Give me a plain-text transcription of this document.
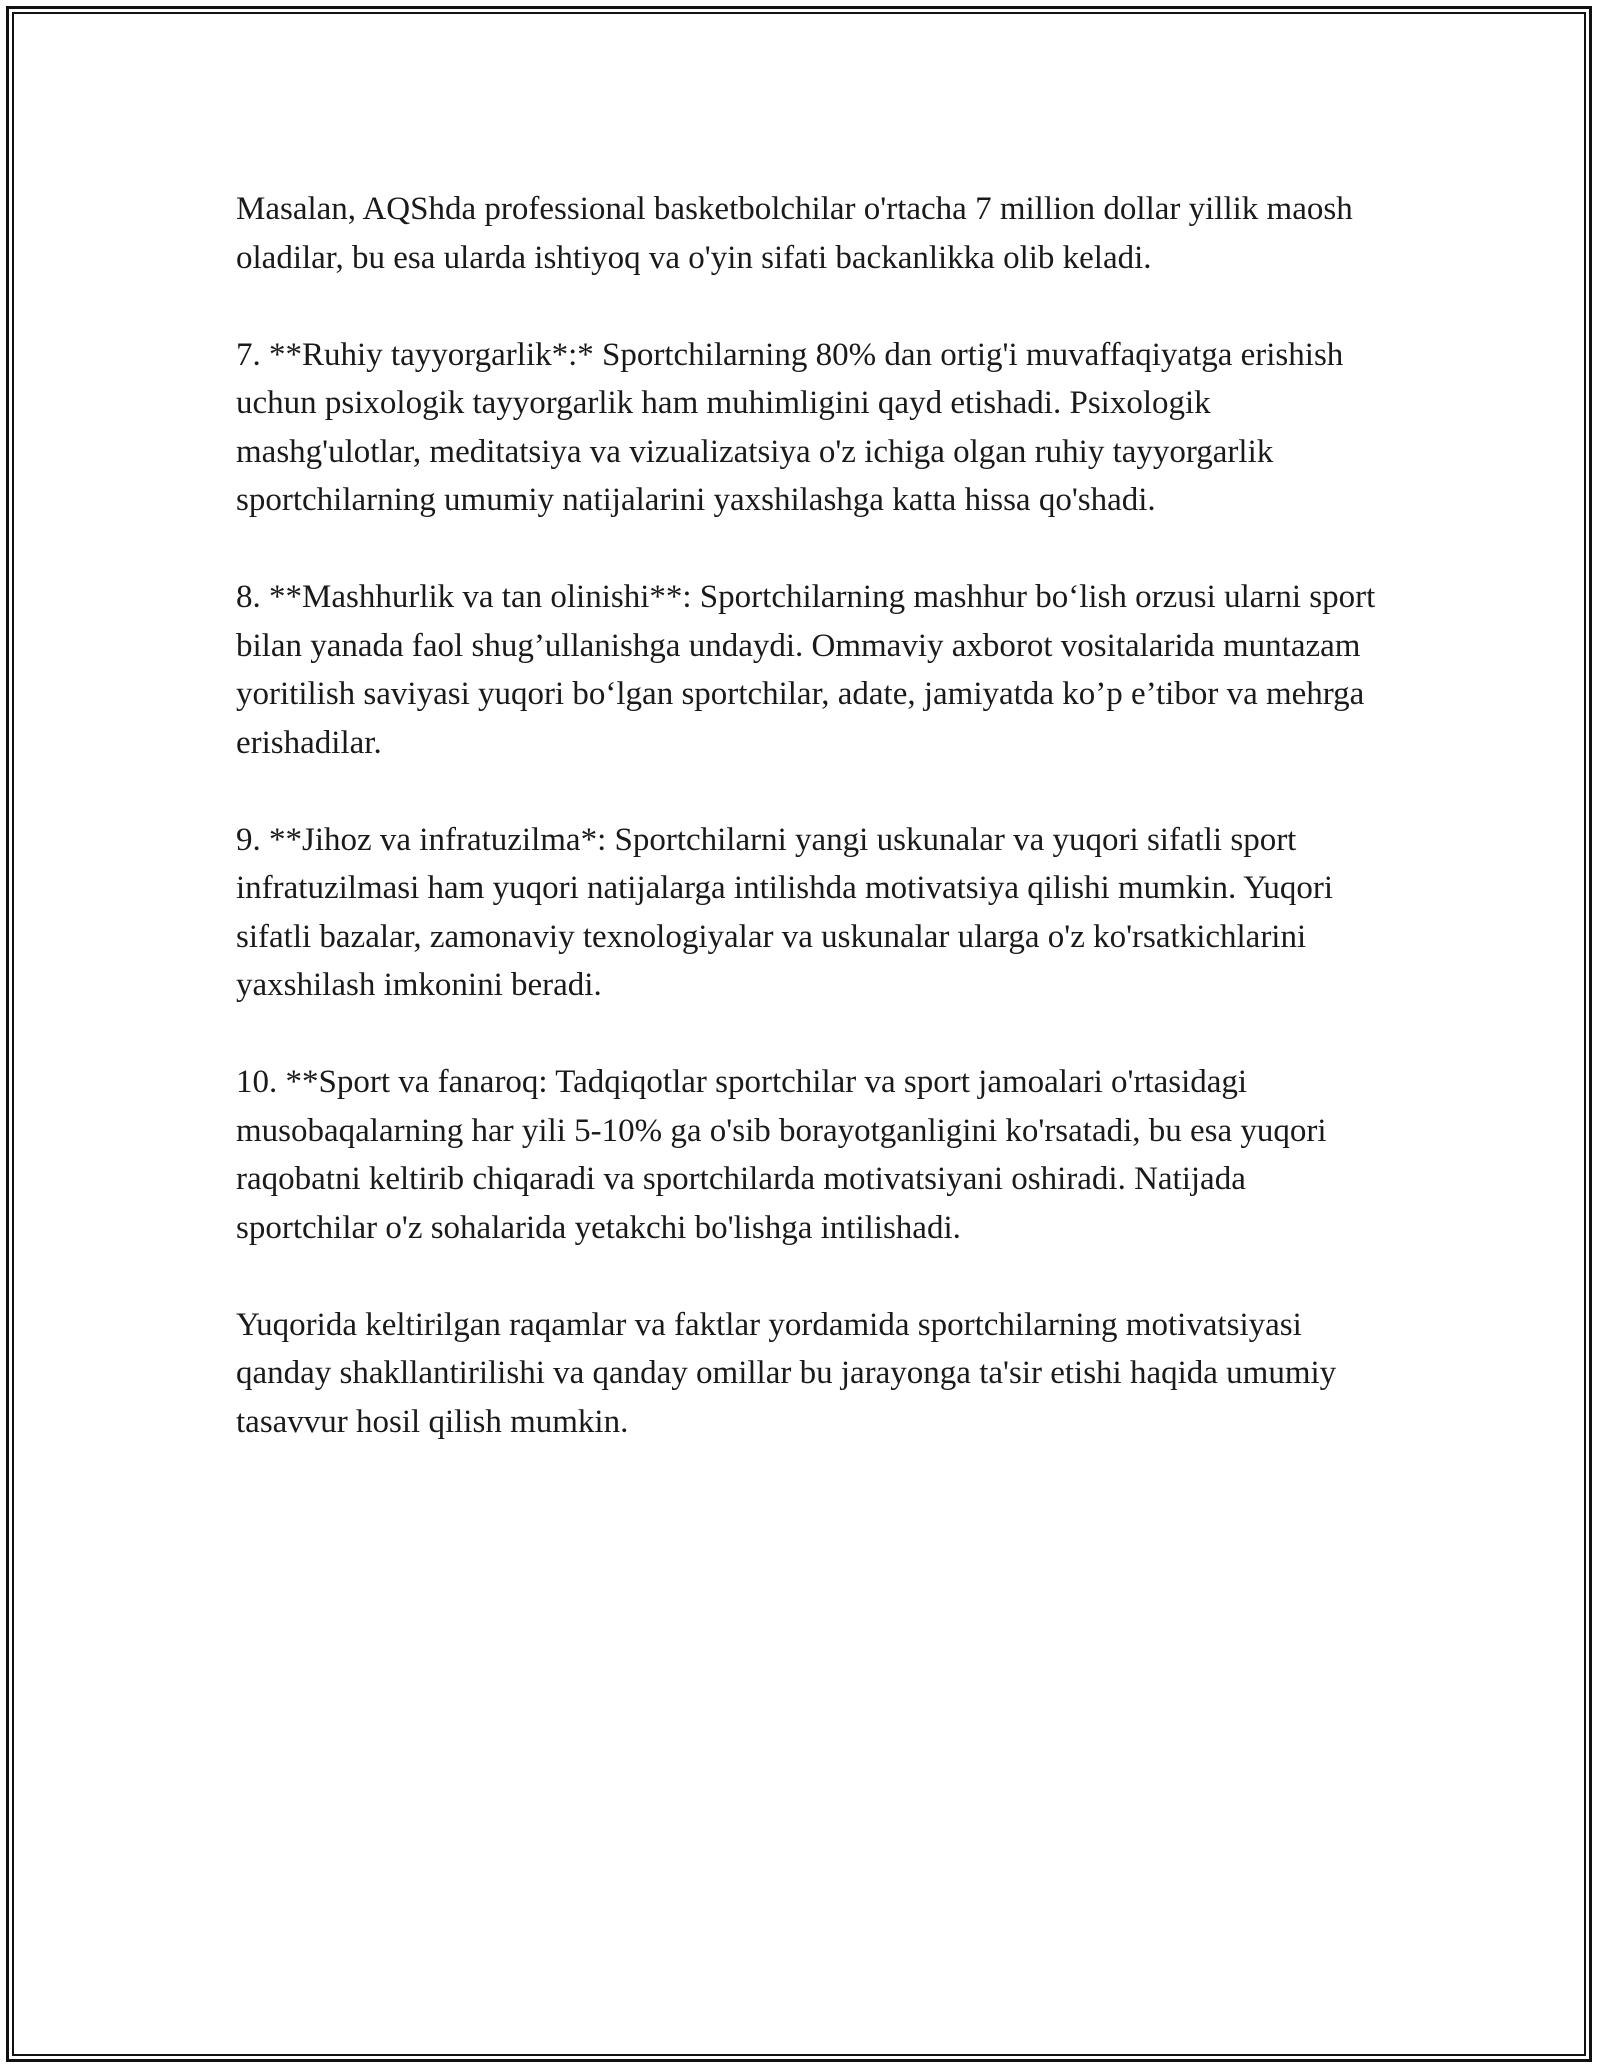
Masalan, AQShda professional basketbolchilar o'rtacha 7 million dollar yillik maosh oladilar, bu esa ularda ishtiyoq va o'yin sifati backanlikka olib keladi.

7. **Ruhiy tayyorgarlik*:* Sportchilarning 80% dan ortig'i muvaffaqiyatga erishish uchun psixologik tayyorgarlik ham muhimligini qayd etishadi. Psixologik mashg'ulotlar, meditatsiya va vizualizatsiya o'z ichiga olgan ruhiy tayyorgarlik sportchilarning umumiy natijalarini yaxshilashga katta hissa qo'shadi.

8. **Mashhurlik va tan olinishi**: Sportchilarning mashhur bo‘lish orzusi ularni sport bilan yanada faol shug’ullanishga undaydi. Ommaviy axborot vositalarida muntazam yoritilish saviyasi yuqori bo‘lgan sportchilar, adate, jamiyatda ko’p e’tibor va mehrga erishadilar.

9. **Jihoz va infratuzilma*: Sportchilarni yangi uskunalar va yuqori sifatli sport infratuzilmasi ham yuqori natijalarga intilishda motivatsiya qilishi mumkin. Yuqori sifatli bazalar, zamonaviy texnologiyalar va uskunalar ularga o'z ko'rsatkichlarini yaxshilash imkonini beradi.

10. **Sport va fanaroq: Tadqiqotlar sportchilar va sport jamoalari o'rtasidagi musobaqalarning har yili 5-10% ga o'sib borayotganligini ko'rsatadi, bu esa yuqori raqobatni keltirib chiqaradi va sportchilarda motivatsiyani oshiradi. Natijada sportchilar o'z sohalarida yetakchi bo'lishga intilishadi.

Yuqorida keltirilgan raqamlar va faktlar yordamida sportchilarning motivatsiyasi qanday shakllantirilishi va qanday omillar bu jarayonga ta'sir etishi haqida umumiy tasavvur hosil qilish mumkin.
